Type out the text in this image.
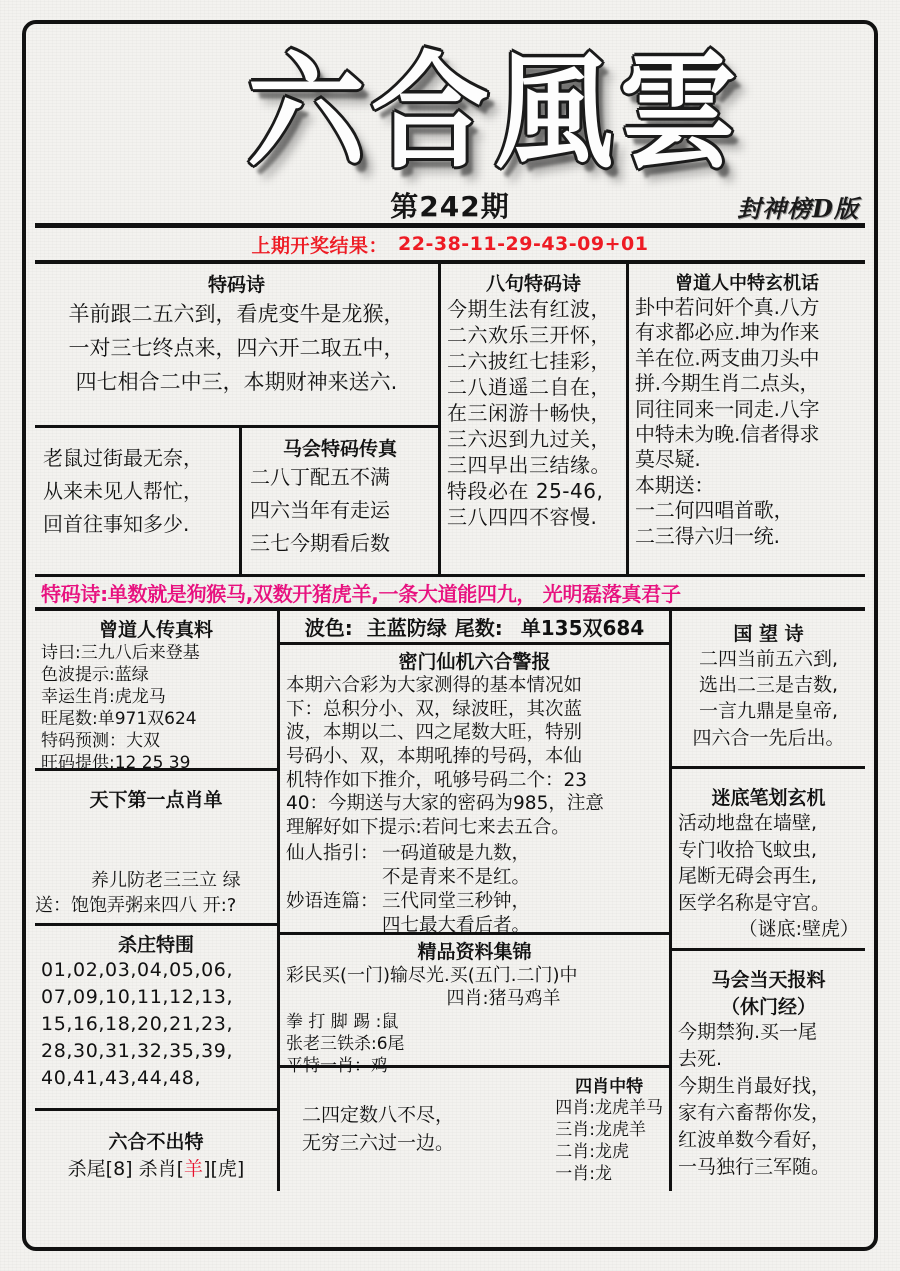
六合風雲
第242期	封神榜D版
上期开奖结果： 22-38-11-29-43-09+01
特码诗
羊前跟二五六到，看虎变牛是龙猴，
一对三七终点来，四六开二取五中，
四七相合二中三，本期财神来送六.
老鼠过街最无奈，
从来未见人帮忙，
回首往事知多少.
马会特码传真
二八丁配五不满
四六当年有走运
三七今期看后数
八句特码诗
今期生法有红波，
二六欢乐三开怀，
二六披红七挂彩，
二八逍遥二自在，
在三闲游十畅快，
三六迟到九过关，
三四早出三结缘。
特段必在 25-46,
三八四四不容慢.
曾道人中特玄机话
卦中若问奸个真.八方
有求都必应.坤为作来
羊在位.两支曲刀头中
拼.今期生肖二点头，
同往同来一同走.八字
中特未为晚.信者得求
莫尽疑.
本期送：
一二何四唱首歌，
二三得六归一统.
特码诗:单数就是狗猴马,双数开猪虎羊,一条大道能四九， 光明磊落真君子
曾道人传真料
诗曰:三九八后来登基
色波提示:蓝绿
幸运生肖:虎龙马
旺尾数:单971双624
特码预测：大双
旺码提供:12 25 39
天下第一点肖单
养儿防老三三立 绿
送：饱饱弄粥来四八 开:?
杀庄特围
01,02,03,04,05,06,
07,09,10,11,12,13,
15,16,18,20,21,23,
28,30,31,32,35,39,
40,41,43,44,48,
六合不出特
杀尾[8] 杀肖[羊][虎]
波色: 主蓝防绿 尾数: 单135双684
密门仙机六合警报
本期六合彩为大家测得的基本情况如
下：总积分小、双，绿波旺，其次蓝
波，本期以二、四之尾数大旺，特别
号码小、双，本期吼捧的号码，本仙
机特作如下推介，吼够号码二个：23
40：今期送与大家的密码为985，注意
理解好如下提示:若问七来去五合。
仙人指引： 一码道破是九数，
不是青来不是红。
妙语连篇： 三代同堂三秒钟，
四七最大看后者。
精品资料集锦
彩民买(一门)输尽光.买(五门.二门)中
四肖:猪马鸡羊
拳 打 脚 踢 :鼠
张老三铁杀:6尾
平特一肖：鸡
二四定数八不尽，
无穷三六过一边。
四肖中特
四肖:龙虎羊马
三肖:龙虎羊
二肖:龙虎
一肖:龙
国 望 诗
二四当前五六到,
选出二三是吉数,
一言九鼎是皇帝,
四六合一先后出。
迷底笔划玄机
活动地盘在墙壁,
专门收拾飞蚊虫,
尾断无碍会再生,
医学名称是守宫。
（谜底:壁虎）
马会当天报料
（休门经）
今期禁狗.买一尾
去死.
今期生肖最好找，
家有六畜帮你发，
红波单数今看好，
一马独行三军随。
